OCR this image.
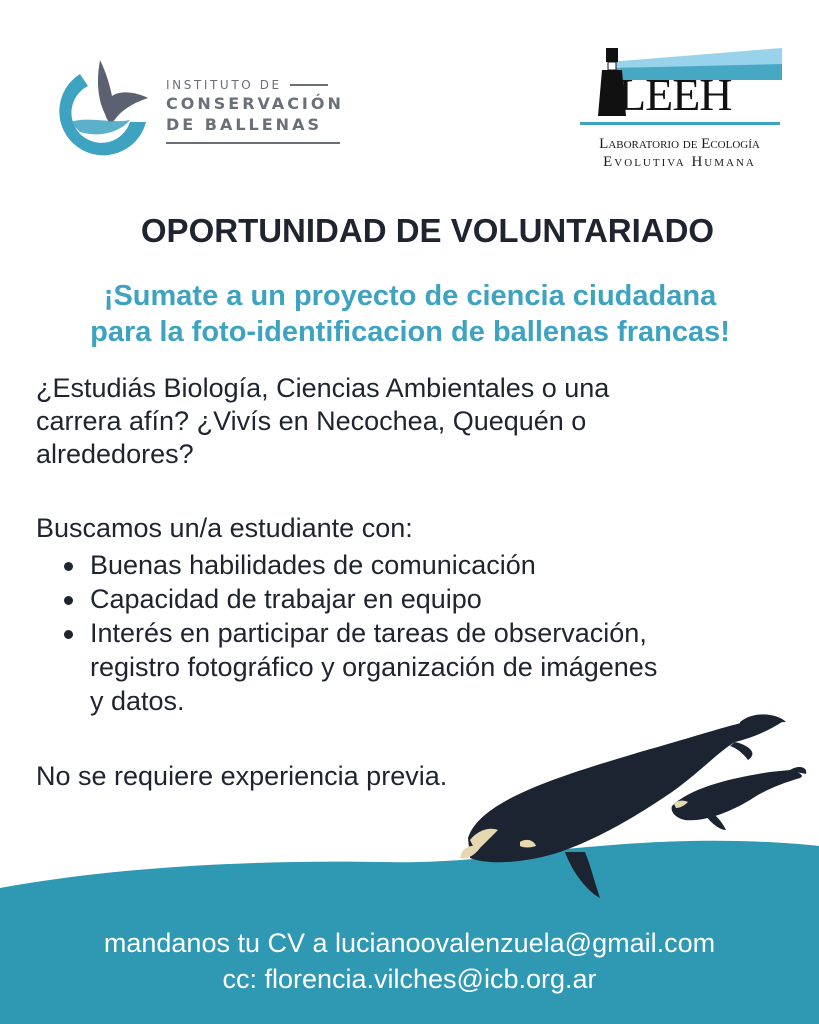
INSTITUTO DE
CONSERVACIÓN
DE BALLENAS
LEEH
Laboratorio de Ecología
Evolutiva Humana
OPORTUNIDAD DE VOLUNTARIADO
¡Sumate a un proyecto de ciencia ciudadana
para la foto-identificacion de ballenas francas!
¿Estudiás Biología, Ciencias Ambientales o una
carrera afín? ¿Vivís en Necochea, Quequén o
alrededores?
Buscamos un/a estudiante con:
Buenas habilidades de comunicación
Capacidad de trabajar en equipo
Interés en participar de tareas de observación,
registro fotográfico y organización de imágenes
y datos.
No se requiere experiencia previa.
mandanos tu CV a lucianoovalenzuela@gmail.com
cc: florencia.vilches@icb.org.ar
